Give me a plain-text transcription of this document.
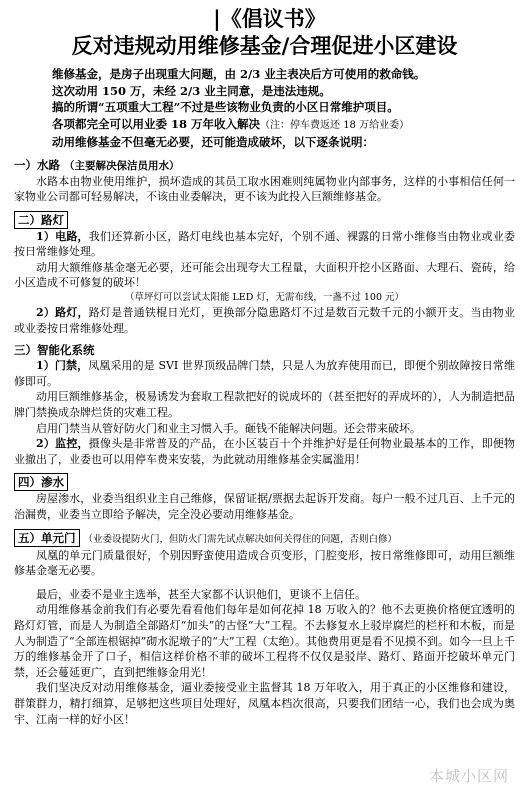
|《倡议书》
反对违规动用维修基金/合理促进小区建设
维修基金，是房子出现重大问题，由 2/3 业主表决后方可使用的救命钱。
这次动用 150 万，未经 2/3 业主同意，是违法违规。
搞的所谓“五项重大工程”不过是些该物业负责的小区日常维护项目。
各项都完全可以用业委 18 万年收入解决（注：停车费返还 18 万给业委）
动用维修基金不但毫无必要，还可能造成破坏，以下逐条说明：
一）水路 （主要解决保洁员用水）

水路本由物业使用维护，损坏造成的其员工取水困难则纯属物业内部事务，这样的小事相信任何一家物业公司都可轻易解决，不该由业委解决，更不该为此投入巨额维修基金。

二）路灯

1）电路，我们还算新小区，路灯电线也基本完好，个别不通、裸露的日常小维修当由物业或业委按日常维修处理。

动用大额维修基金毫无必要，还可能会出现夸大工程量，大面积开挖小区路面、大理石、瓷砖，给小区造成不可修复的破坏！

（草坪灯可以尝试太阳能 LED 灯，无需布线，一盏不过 100 元）

2）路灯，路灯是普通铁棍日光灯，更换部分隐患路灯不过是数百元数千元的小额开支。当由物业或业委按日常维修处理。

三）智能化系统

1）门禁，凤凰采用的是 SVI 世界顶级品牌门禁，只是人为放弃使用而已，即便个别故障按日常维修即可。

动用巨额维修基金，极易诱发为套取工程款把好的说成坏的（甚至把好的弄成坏的），人为制造把品牌门禁换成杂牌烂货的灾难工程。

启用门禁当从管好防火门和业主习惯入手。砸钱不能解决问题。还会带来破坏。

2）监控，摄像头是非常普及的产品，在小区装百十个并维护好是任何物业最基本的工作，即便物业撤出了，业委也可以用停车费来安装，为此就动用维修基金实属滥用！

四）渗水

房屋渗水，业委当组织业主自己维修，保留证据/票据去起诉开发商。每户一般不过几百、上千元的治漏费，业委当立即给予解决，完全没必要动用维修基金。

五）单元门 （业委设提防火门，但防火门需先试点解决如何关得住的问题，否则白修）

凤凰的单元门质量很好，个别因野蛮使用造成合页变形，门腔变形，按日常维修即可，动用巨额维修基金毫无必要。

最后，业委不是业主选举，甚至大家都不认识他们，更谈不上信任。

动用维修基金前我们有必要先看看他们每年是如何花掉 18 万收入的？他不去更换价格便宜透明的路灯灯管，而是人为制造全部路灯“加头”的古怪“大”工程。不去修复水上驳岸腐烂的栏杆和木板，而是人为制造了“全部连根锯掉”砌水泥墩子的“大”工程（太绝）。其他费用更是看不见摸不到。如今一旦上千万的维修基金开了口子，相信这样价格不菲的破坏工程将不仅仅是驳岸、路灯、路面开挖破坏单元门禁，还会蔓延更广，直到把维修金用光！

我们坚决反对动用维修基金，逼业委接受业主监督其 18 万年收入，用于真正的小区维修和建设，群策群力，精打细算，足够把这些项目处理好，凤凰本档次很高，只要我们团结一心，我们也会成为奥宇、江南一样的好小区！

本城小区网
